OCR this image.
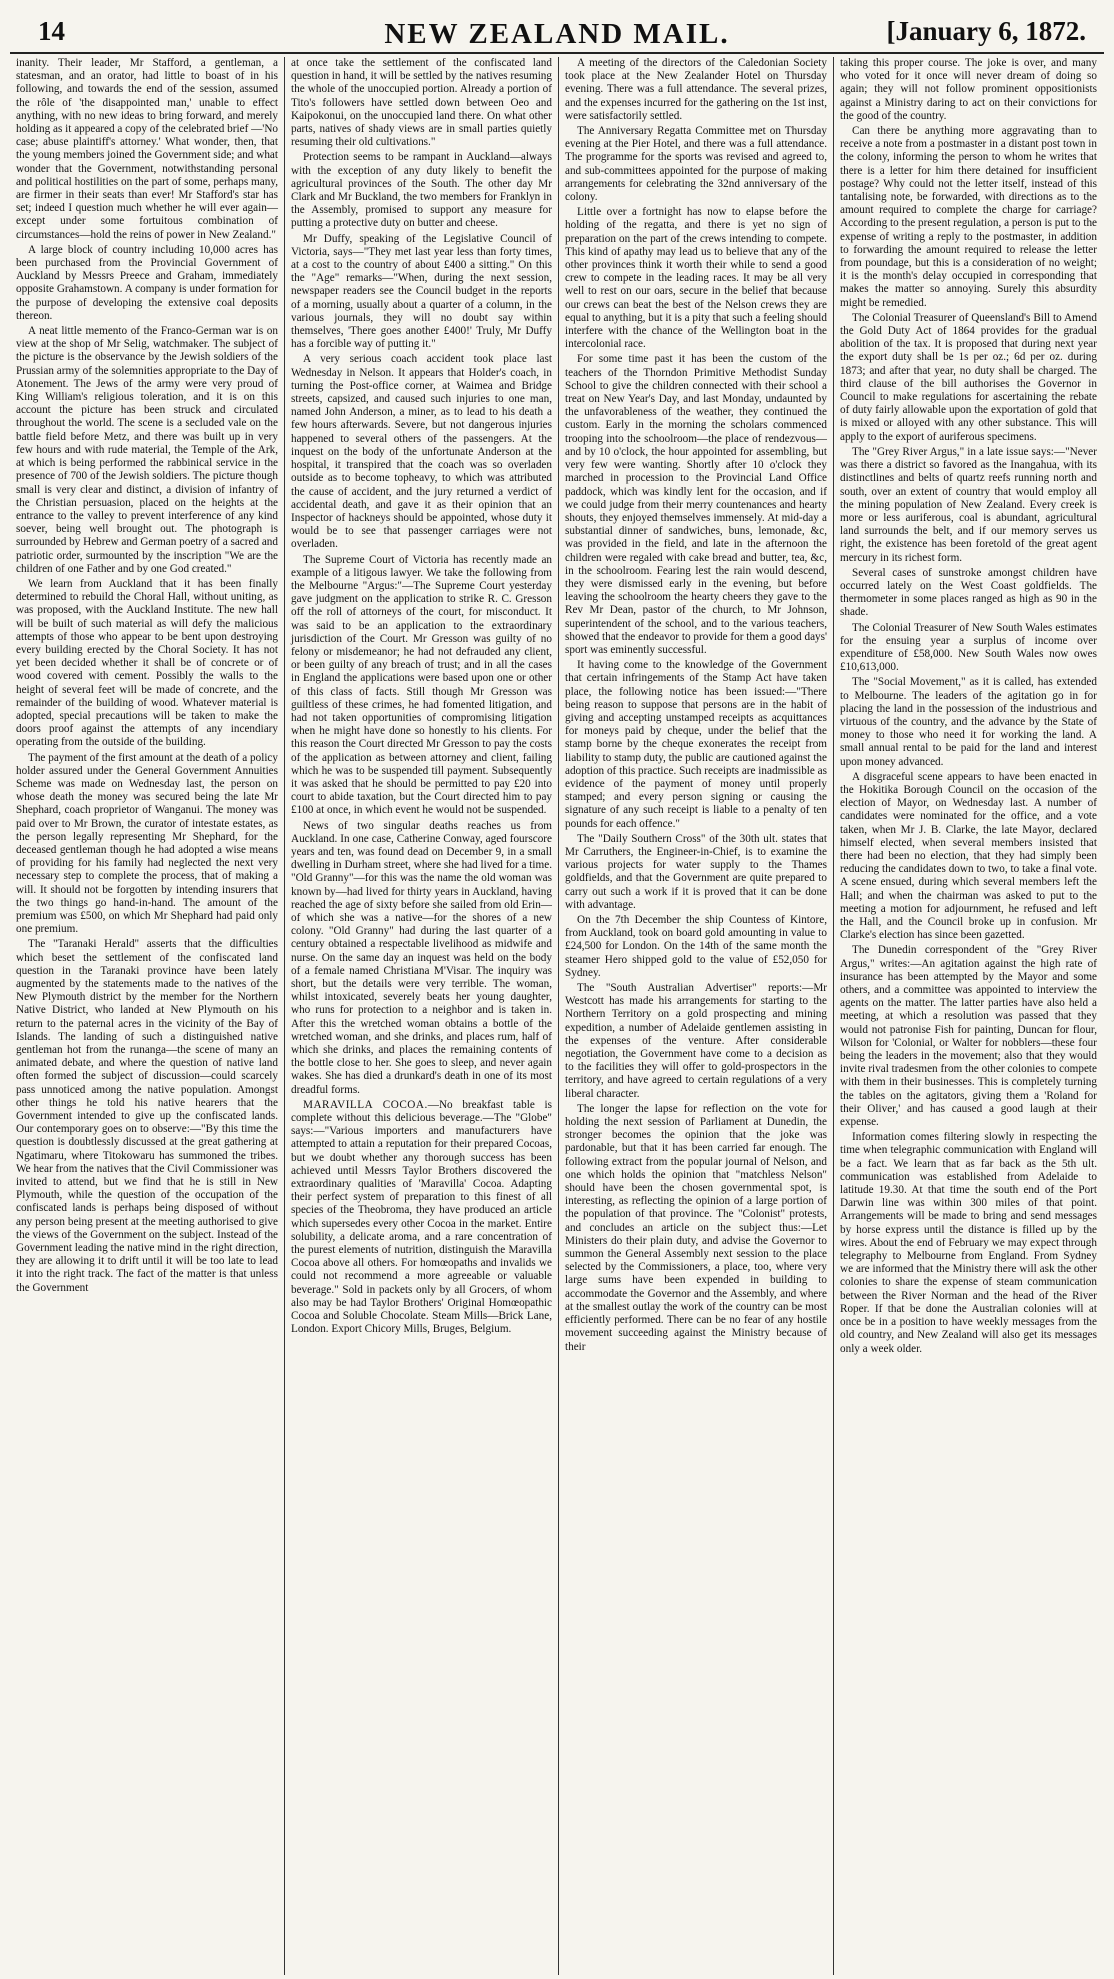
14	NEW ZEALAND MAIL.	[January 6, 1872.

inanity. Their leader, Mr Stafford, a gentleman, a statesman, and an orator, had little to boast of in his following, and towards the end of the session, assumed the rôle of 'the disappointed man,' unable to effect anything, with no new ideas to bring forward, and merely holding as it appeared a copy of the celebrated brief —'No case; abuse plaintiff's attorney.' What wonder, then, that the young members joined the Government side; and what wonder that the Government, notwithstanding personal and political hostilities on the part of some, perhaps many, are firmer in their seats than ever! Mr Stafford's star has set; indeed I question much whether he will ever again—except under some fortuitous combination of circumstances—hold the reins of power in New Zealand."

A large block of country including 10,000 acres has been purchased from the Provincial Government of Auckland by Messrs Preece and Graham, immediately opposite Grahamstown. A company is under formation for the purpose of developing the extensive coal deposits thereon.

A neat little memento of the Franco-German war is on view at the shop of Mr Selig, watchmaker. The subject of the picture is the observance by the Jewish soldiers of the Prussian army of the solemnities appropriate to the Day of Atonement. The Jews of the army were very proud of King William's religious toleration, and it is on this account the picture has been struck and circulated throughout the world. The scene is a secluded vale on the battle field before Metz, and there was built up in very few hours and with rude material, the Temple of the Ark, at which is being performed the rabbinical service in the presence of 700 of the Jewish soldiers. The picture though small is very clear and distinct, a division of infantry of the Christian persuasion, placed on the heights at the entrance to the valley to prevent interference of any kind soever, being well brought out. The photograph is surrounded by Hebrew and German poetry of a sacred and patriotic order, surmounted by the inscription "We are the children of one Father and by one God created."

We learn from Auckland that it has been finally determined to rebuild the Choral Hall, without uniting, as was proposed, with the Auckland Institute. The new hall will be built of such material as will defy the malicious attempts of those who appear to be bent upon destroying every building erected by the Choral Society. It has not yet been decided whether it shall be of concrete or of wood covered with cement. Possibly the walls to the height of several feet will be made of concrete, and the remainder of the building of wood. Whatever material is adopted, special precautions will be taken to make the doors proof against the attempts of any incendiary operating from the outside of the building.

The payment of the first amount at the death of a policy holder assured under the General Government Annuities Scheme was made on Wednesday last, the person on whose death the money was secured being the late Mr Shephard, coach proprietor of Wanganui. The money was paid over to Mr Brown, the curator of intestate estates, as the person legally representing Mr Shephard, for the deceased gentleman though he had adopted a wise means of providing for his family had neglected the next very necessary step to complete the process, that of making a will. It should not be forgotten by intending insurers that the two things go hand-in-hand. The amount of the premium was £500, on which Mr Shephard had paid only one premium.

The "Taranaki Herald" asserts that the difficulties which beset the settlement of the confiscated land question in the Taranaki province have been lately augmented by the statements made to the natives of the New Plymouth district by the member for the Northern Native District, who landed at New Plymouth on his return to the paternal acres in the vicinity of the Bay of Islands. The landing of such a distinguished native gentleman hot from the runanga—the scene of many an animated debate, and where the question of native land often formed the subject of discussion—could scarcely pass unnoticed among the native population. Amongst other things he told his native hearers that the Government intended to give up the confiscated lands. Our contemporary goes on to observe:—"By this time the question is doubtlessly discussed at the great gathering at Ngatimaru, where Titokowaru has summoned the tribes. We hear from the natives that the Civil Commissioner was invited to attend, but we find that he is still in New Plymouth, while the question of the occupation of the confiscated lands is perhaps being disposed of without any person being present at the meeting authorised to give the views of the Government on the subject. Instead of the Government leading the native mind in the right direction, they are allowing it to drift until it will be too late to lead it into the right track. The fact of the matter is that unless the Government

at once take the settlement of the confiscated land question in hand, it will be settled by the natives resuming the whole of the unoccupied portion. Already a portion of Tito's followers have settled down between Oeo and Kaipokonui, on the unoccupied land there. On what other parts, natives of shady views are in small parties quietly resuming their old cultivations."

Protection seems to be rampant in Auckland—always with the exception of any duty likely to benefit the agricultural provinces of the South. The other day Mr Clark and Mr Buckland, the two members for Franklyn in the Assembly, promised to support any measure for putting a protective duty on butter and cheese.

Mr Duffy, speaking of the Legislative Council of Victoria, says—"They met last year less than forty times, at a cost to the country of about £400 a sitting." On this the "Age" remarks—"When, during the next session, newspaper readers see the Council budget in the reports of a morning, usually about a quarter of a column, in the various journals, they will no doubt say within themselves, 'There goes another £400!' Truly, Mr Duffy has a forcible way of putting it."

A very serious coach accident took place last Wednesday in Nelson. It appears that Holder's coach, in turning the Post-office corner, at Waimea and Bridge streets, capsized, and caused such injuries to one man, named John Anderson, a miner, as to lead to his death a few hours afterwards. Severe, but not dangerous injuries happened to several others of the passengers. At the inquest on the body of the unfortunate Anderson at the hospital, it transpired that the coach was so overladen outside as to become topheavy, to which was attributed the cause of accident, and the jury returned a verdict of accidental death, and gave it as their opinion that an Inspector of hackneys should be appointed, whose duty it would be to see that passenger carriages were not overladen.

The Supreme Court of Victoria has recently made an example of a litigous lawyer. We take the following from the Melbourne "Argus:"—The Supreme Court yesterday gave judgment on the application to strike R. C. Gresson off the roll of attorneys of the court, for misconduct. It was said to be an application to the extraordinary jurisdiction of the Court. Mr Gresson was guilty of no felony or misdemeanor; he had not defrauded any client, or been guilty of any breach of trust; and in all the cases in England the applications were based upon one or other of this class of facts. Still though Mr Gresson was guiltless of these crimes, he had fomented litigation, and had not taken opportunities of compromising litigation when he might have done so honestly to his clients. For this reason the Court directed Mr Gresson to pay the costs of the application as between attorney and client, failing which he was to be suspended till payment. Subsequently it was asked that he should be permitted to pay £20 into court to abide taxation, but the Court directed him to pay £100 at once, in which event he would not be suspended.

News of two singular deaths reaches us from Auckland. In one case, Catherine Conway, aged fourscore years and ten, was found dead on December 9, in a small dwelling in Durham street, where she had lived for a time. "Old Granny"—for this was the name the old woman was known by—had lived for thirty years in Auckland, having reached the age of sixty before she sailed from old Erin—of which she was a native—for the shores of a new colony. "Old Granny" had during the last quarter of a century obtained a respectable livelihood as midwife and nurse. On the same day an inquest was held on the body of a female named Christiana M'Visar. The inquiry was short, but the details were very terrible. The woman, whilst intoxicated, severely beats her young daughter, who runs for protection to a neighbor and is taken in. After this the wretched woman obtains a bottle of the wretched woman, and she drinks, and places rum, half of which she drinks, and places the remaining contents of the bottle close to her. She goes to sleep, and never again wakes. She has died a drunkard's death in one of its most dreadful forms.

MARAVILLA COCOA.—No breakfast table is complete without this delicious beverage.—The "Globe" says:—"Various importers and manufacturers have attempted to attain a reputation for their prepared Cocoas, but we doubt whether any thorough success has been achieved until Messrs Taylor Brothers discovered the extraordinary qualities of 'Maravilla' Cocoa. Adapting their perfect system of preparation to this finest of all species of the Theobroma, they have produced an article which supersedes every other Cocoa in the market. Entire solubility, a delicate aroma, and a rare concentration of the purest elements of nutrition, distinguish the Maravilla Cocoa above all others. For homœopaths and invalids we could not recommend a more agreeable or valuable beverage." Sold in packets only by all Grocers, of whom also may be had Taylor Brothers' Original Homœopathic Cocoa and Soluble Chocolate. Steam Mills—Brick Lane, London. Export Chicory Mills, Bruges, Belgium.

A meeting of the directors of the Caledonian Society took place at the New Zealander Hotel on Thursday evening. There was a full attendance. The several prizes, and the expenses incurred for the gathering on the 1st inst, were satisfactorily settled.

The Anniversary Regatta Committee met on Thursday evening at the Pier Hotel, and there was a full attendance. The programme for the sports was revised and agreed to, and sub-committees appointed for the purpose of making arrangements for celebrating the 32nd anniversary of the colony.

Little over a fortnight has now to elapse before the holding of the regatta, and there is yet no sign of preparation on the part of the crews intending to compete. This kind of apathy may lead us to believe that any of the other provinces think it worth their while to send a good crew to compete in the leading races. It may be all very well to rest on our oars, secure in the belief that because our crews can beat the best of the Nelson crews they are equal to anything, but it is a pity that such a feeling should interfere with the chance of the Wellington boat in the intercolonial race.

For some time past it has been the custom of the teachers of the Thorndon Primitive Methodist Sunday School to give the children connected with their school a treat on New Year's Day, and last Monday, undaunted by the unfavorableness of the weather, they continued the custom. Early in the morning the scholars commenced trooping into the schoolroom—the place of rendezvous—and by 10 o'clock, the hour appointed for assembling, but very few were wanting. Shortly after 10 o'clock they marched in procession to the Provincial Land Office paddock, which was kindly lent for the occasion, and if we could judge from their merry countenances and hearty shouts, they enjoyed themselves immensely. At mid-day a substantial dinner of sandwiches, buns, lemonade, &c, was provided in the field, and late in the afternoon the children were regaled with cake bread and butter, tea, &c, in the schoolroom. Fearing lest the rain would descend, they were dismissed early in the evening, but before leaving the schoolroom the hearty cheers they gave to the Rev Mr Dean, pastor of the church, to Mr Johnson, superintendent of the school, and to the various teachers, showed that the endeavor to provide for them a good days' sport was eminently successful.

It having come to the knowledge of the Government that certain infringements of the Stamp Act have taken place, the following notice has been issued:—"There being reason to suppose that persons are in the habit of giving and accepting unstamped receipts as acquittances for moneys paid by cheque, under the belief that the stamp borne by the cheque exonerates the receipt from liability to stamp duty, the public are cautioned against the adoption of this practice. Such receipts are inadmissible as evidence of the payment of money until properly stamped; and every person signing or causing the signature of any such receipt is liable to a penalty of ten pounds for each offence."

The "Daily Southern Cross" of the 30th ult. states that Mr Carruthers, the Engineer-in-Chief, is to examine the various projects for water supply to the Thames goldfields, and that the Government are quite prepared to carry out such a work if it is proved that it can be done with advantage.

On the 7th December the ship Countess of Kintore, from Auckland, took on board gold amounting in value to £24,500 for London. On the 14th of the same month the steamer Hero shipped gold to the value of £52,050 for Sydney.

The "South Australian Advertiser" reports:—Mr Westcott has made his arrangements for starting to the Northern Territory on a gold prospecting and mining expedition, a number of Adelaide gentlemen assisting in the expenses of the venture. After considerable negotiation, the Government have come to a decision as to the facilities they will offer to gold-prospectors in the territory, and have agreed to certain regulations of a very liberal character.

The longer the lapse for reflection on the vote for holding the next session of Parliament at Dunedin, the stronger becomes the opinion that the joke was pardonable, but that it has been carried far enough. The following extract from the popular journal of Nelson, and one which holds the opinion that "matchless Nelson" should have been the chosen governmental spot, is interesting, as reflecting the opinion of a large portion of the population of that province. The "Colonist" protests, and concludes an article on the subject thus:—Let Ministers do their plain duty, and advise the Governor to summon the General Assembly next session to the place selected by the Commissioners, a place, too, where very large sums have been expended in building to accommodate the Governor and the Assembly, and where at the smallest outlay the work of the country can be most efficiently performed. There can be no fear of any hostile movement succeeding against the Ministry because of their

taking this proper course. The joke is over, and many who voted for it once will never dream of doing so again; they will not follow prominent oppositionists against a Ministry daring to act on their convictions for the good of the country.

Can there be anything more aggravating than to receive a note from a postmaster in a distant post town in the colony, informing the person to whom he writes that there is a letter for him there detained for insufficient postage? Why could not the letter itself, instead of this tantalising note, be forwarded, with directions as to the amount required to complete the charge for carriage? According to the present regulation, a person is put to the expense of writing a reply to the postmaster, in addition to forwarding the amount required to release the letter from poundage, but this is a consideration of no weight; it is the month's delay occupied in corresponding that makes the matter so annoying. Surely this absurdity might be remedied.

The Colonial Treasurer of Queensland's Bill to Amend the Gold Duty Act of 1864 provides for the gradual abolition of the tax. It is proposed that during next year the export duty shall be 1s per oz.; 6d per oz. during 1873; and after that year, no duty shall be charged. The third clause of the bill authorises the Governor in Council to make regulations for ascertaining the rebate of duty fairly allowable upon the exportation of gold that is mixed or alloyed with any other substance. This will apply to the export of auriferous specimens.

The "Grey River Argus," in a late issue says:—"Never was there a district so favored as the Inangahua, with its distinctlines and belts of quartz reefs running north and south, over an extent of country that would employ all the mining population of New Zealand. Every creek is more or less auriferous, coal is abundant, agricultural land surrounds the belt, and if our memory serves us right, the existence has been foretold of the great agent mercury in its richest form.

Several cases of sunstroke amongst children have occurred lately on the West Coast goldfields. The thermometer in some places ranged as high as 90 in the shade.

The Colonial Treasurer of New South Wales estimates for the ensuing year a surplus of income over expenditure of £58,000. New South Wales now owes £10,613,000.

The "Social Movement," as it is called, has extended to Melbourne. The leaders of the agitation go in for placing the land in the possession of the industrious and virtuous of the country, and the advance by the State of money to those who need it for working the land. A small annual rental to be paid for the land and interest upon money advanced.

A disgraceful scene appears to have been enacted in the Hokitika Borough Council on the occasion of the election of Mayor, on Wednesday last. A number of candidates were nominated for the office, and a vote taken, when Mr J. B. Clarke, the late Mayor, declared himself elected, when several members insisted that there had been no election, that they had simply been reducing the candidates down to two, to take a final vote. A scene ensued, during which several members left the Hall; and when the chairman was asked to put to the meeting a motion for adjournment, he refused and left the Hall, and the Council broke up in confusion. Mr Clarke's election has since been gazetted.

The Dunedin correspondent of the "Grey River Argus," writes:—An agitation against the high rate of insurance has been attempted by the Mayor and some others, and a committee was appointed to interview the agents on the matter. The latter parties have also held a meeting, at which a resolution was passed that they would not patronise Fish for painting, Duncan for flour, Wilson for 'Colonial, or Walter for nobblers—these four being the leaders in the movement; also that they would invite rival tradesmen from the other colonies to compete with them in their businesses. This is completely turning the tables on the agitators, giving them a 'Roland for their Oliver,' and has caused a good laugh at their expense.

Information comes filtering slowly in respecting the time when telegraphic communication with England will be a fact. We learn that as far back as the 5th ult. communication was established from Adelaide to latitude 19.30. At that time the south end of the Port Darwin line was within 300 miles of that point. Arrangements will be made to bring and send messages by horse express until the distance is filled up by the wires. About the end of February we may expect through telegraphy to Melbourne from England. From Sydney we are informed that the Ministry there will ask the other colonies to share the expense of steam communication between the River Norman and the head of the River Roper. If that be done the Australian colonies will at once be in a position to have weekly messages from the old country, and New Zealand will also get its messages only a week older.
